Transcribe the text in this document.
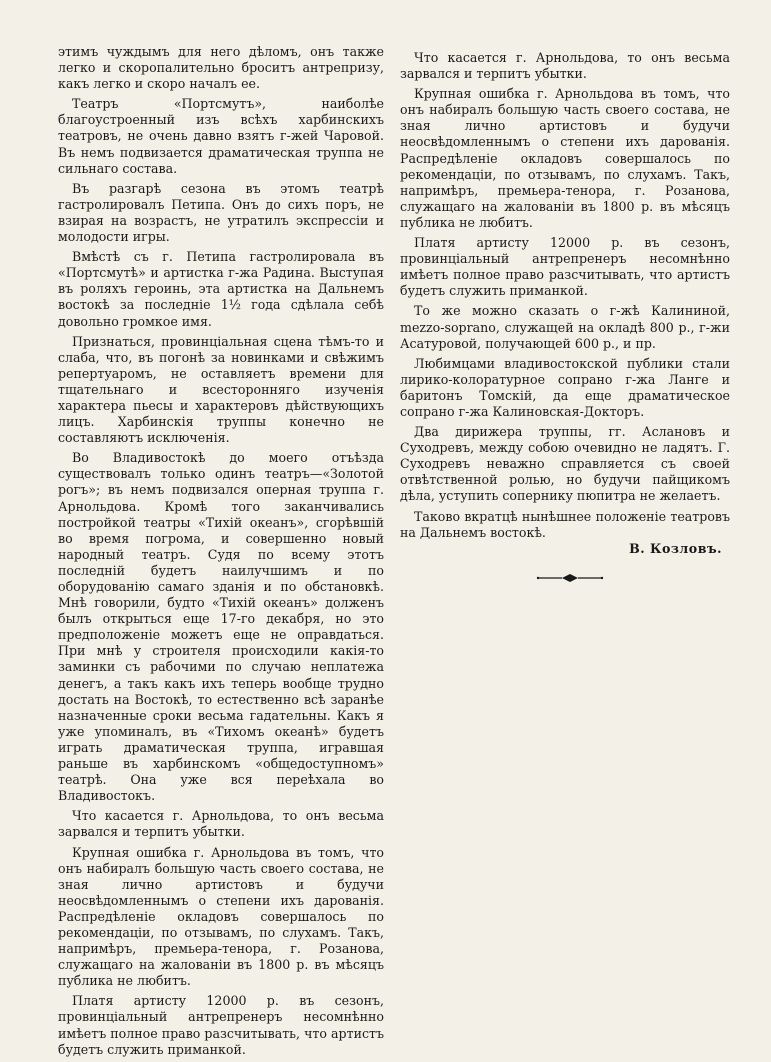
этимъ чуждымъ для него дѣломъ, онъ также легко и скоропалительно броситъ антрепризу, какъ легко и скоро началъ ее.

Театръ «Портсмутъ», наиболѣе благоустроенный изъ всѣхъ харбинскихъ театровъ, не очень давно взятъ г-жей Чаровой. Въ немъ подвизается драматическая труппа не сильнаго состава.

Въ разгарѣ сезона въ этомъ театрѣ гастролировалъ Петипа. Онъ до сихъ поръ, не взирая на возрастъ, не утратилъ экспрессіи и молодости игры.

Вмѣстѣ съ г. Петипа гастролировала въ «Портсмутѣ» и артистка г-жа Радина. Выступая въ роляхъ героинь, эта артистка на Дальнемъ востокѣ за последніе 1½ года сдѣлала себѣ довольно громкое имя.

Признаться, провинціальная сцена тѣмъ-то и слаба, что, въ погонѣ за новинками и свѣжимъ репертуаромъ, не оставляетъ времени для тщательнаго и всесторонняго изученія характера пьесы и характеровъ дѣйствующихъ лицъ. Харбинскія труппы конечно не составляютъ исключенія.

Во Владивостокѣ до моего отъѣзда существовалъ только одинъ театръ—«Золотой рогъ»; въ немъ подвизался оперная труппа г. Арнольдова. Кромѣ того заканчивались постройкой театры «Тихій океанъ», сгорѣвшій во время погрома, и совершенно новый народный театръ. Судя по всему этотъ последній будетъ наилучшимъ и по оборудованію самаго зданія и по обстановкѣ. Мнѣ говорили, будто «Тихій океанъ» долженъ былъ открыться еще 17-го декабря, но это предположеніе можетъ еще не оправдаться. При мнѣ у строителя происходили какія-то заминки съ рабочими по случаю неплатежа денегъ, а такъ какъ ихъ теперь вообще трудно достать на Востокѣ, то естественно всѣ заранѣе назначенные сроки весьма гадательны. Какъ я уже упоминалъ, въ «Тихомъ океанѣ» будетъ играть драматическая труппа, игравшая раньше въ харбинскомъ «общедоступномъ» театрѣ. Она уже вся переѣхала во Владивостокъ.

Что касается г. Арнольдова, то онъ весьма зарвался и терпитъ убытки.

Крупная ошибка г. Арнольдова въ томъ, что онъ набиралъ большую часть своего состава, не зная лично артистовъ и будучи неосвѣдомленнымъ о степени ихъ дарованія. Распредѣленіе окладовъ совершалось по рекомендаціи, по отзывамъ, по слухамъ. Такъ, напримѣръ, премьера-тенора, г. Розанова, служащаго на жалованіи въ 1800 р. въ мѣсяцъ публика не любитъ.

Платя артисту 12000 р. въ сезонъ, провинціальный антрепренеръ несомнѣнно имѣетъ полное право разсчитывать, что артистъ будетъ служить приманкой.

Что касается г. Арнольдова, то онъ весьма зарвался и терпитъ убытки.

Крупная ошибка г. Арнольдова въ томъ, что онъ набиралъ большую часть своего состава, не зная лично артистовъ и будучи неосвѣдомленнымъ о степени ихъ дарованія. Распредѣленіе окладовъ совершалось по рекомендаціи, по отзывамъ, по слухамъ. Такъ, напримѣръ, премьера-тенора, г. Розанова, служащаго на жалованіи въ 1800 р. въ мѣсяцъ публика не любитъ.

Платя артисту 12000 р. въ сезонъ, провинціальный антрепренеръ несомнѣнно имѣетъ полное право разсчитывать, что артистъ будетъ служить приманкой.

То же можно сказать о г-жѣ Калининой, mezzo-soprano, служащей на окладѣ 800 р., г-жи Асатуровой, получающей 600 р., и пр.

Любимцами владивостокской публики стали лирико-колоратурное сопрано г-жа Ланге и баритонъ Томскій, да еще драматическое сопрано г-жа Калиновская-Докторъ.

Два дирижера труппы, гг. Аслановъ и Суходревъ, между собою очевидно не ладятъ. Г. Суходревъ неважно справляется съ своей отвѣтственной ролью, но будучи пайщикомъ дѣла, уступить сопернику пюпитра не желаетъ.

Таково вкратцѣ нынѣшнее положеніе театровъ на Дальнемъ востокѣ.
В. Козловъ.
